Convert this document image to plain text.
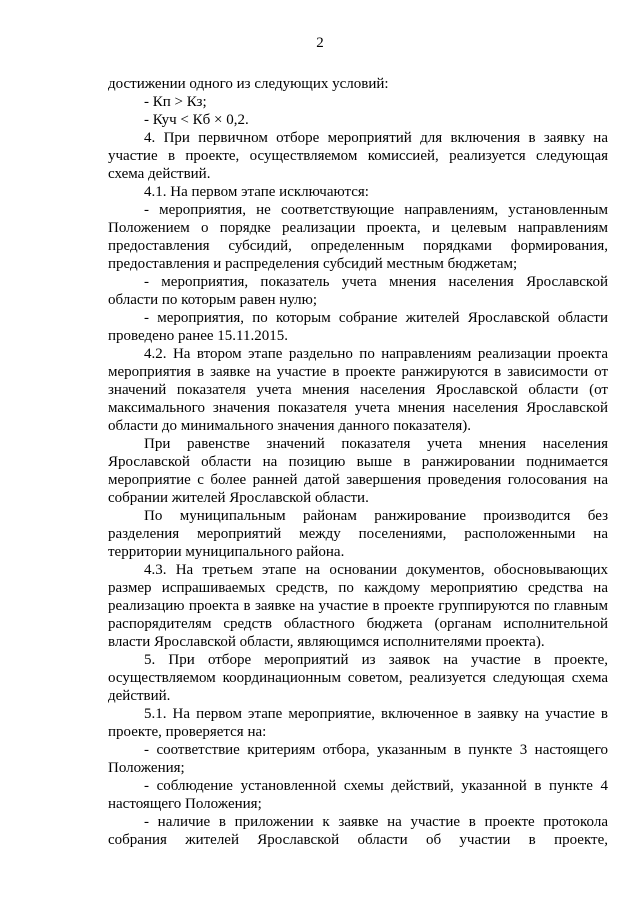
2

достижении одного из следующих условий:

- Кп > Кз;

- Куч < Кб × 0,2.

4. При первичном отборе мероприятий для включения в заявку на участие в проекте, осуществляемом комиссией, реализуется следующая схема действий.

4.1. На первом этапе исключаются:

- мероприятия, не соответствующие направлениям, установленным Положением о порядке реализации проекта, и целевым направлениям предоставления субсидий, определенным порядками формирования, предоставления и распределения субсидий местным бюджетам;

- мероприятия, показатель учета мнения населения Ярославской области по которым равен нулю;

- мероприятия, по которым собрание жителей Ярославской области проведено ранее 15.11.2015.

4.2. На втором этапе раздельно по направлениям реализации проекта мероприятия в заявке на участие в проекте ранжируются в зависимости от значений показателя учета мнения населения Ярославской области (от максимального значения показателя учета мнения населения Ярославской области до минимального значения данного показателя).

При равенстве значений показателя учета мнения населения Ярославской области на позицию выше в ранжировании поднимается мероприятие с более ранней датой завершения проведения голосования на собрании жителей Ярославской области.

По муниципальным районам ранжирование производится без разделения мероприятий между поселениями, расположенными на территории муниципального района.

4.3. На третьем этапе на основании документов, обосновывающих размер испрашиваемых средств, по каждому мероприятию средства на реализацию проекта в заявке на участие в проекте группируются по главным распорядителям средств областного бюджета (органам исполнительной власти Ярославской области, являющимся исполнителями проекта).

5. При отборе мероприятий из заявок на участие в проекте, осуществляемом координационным советом, реализуется следующая схема действий.

5.1. На первом этапе мероприятие, включенное в заявку на участие в проекте, проверяется на:

- соответствие критериям отбора, указанным в пункте 3 настоящего Положения;

- соблюдение установленной схемы действий, указанной в пункте 4 настоящего Положения;

- наличие в приложении к заявке на участие в проекте протокола собрания жителей Ярославской области об участии в проекте,
